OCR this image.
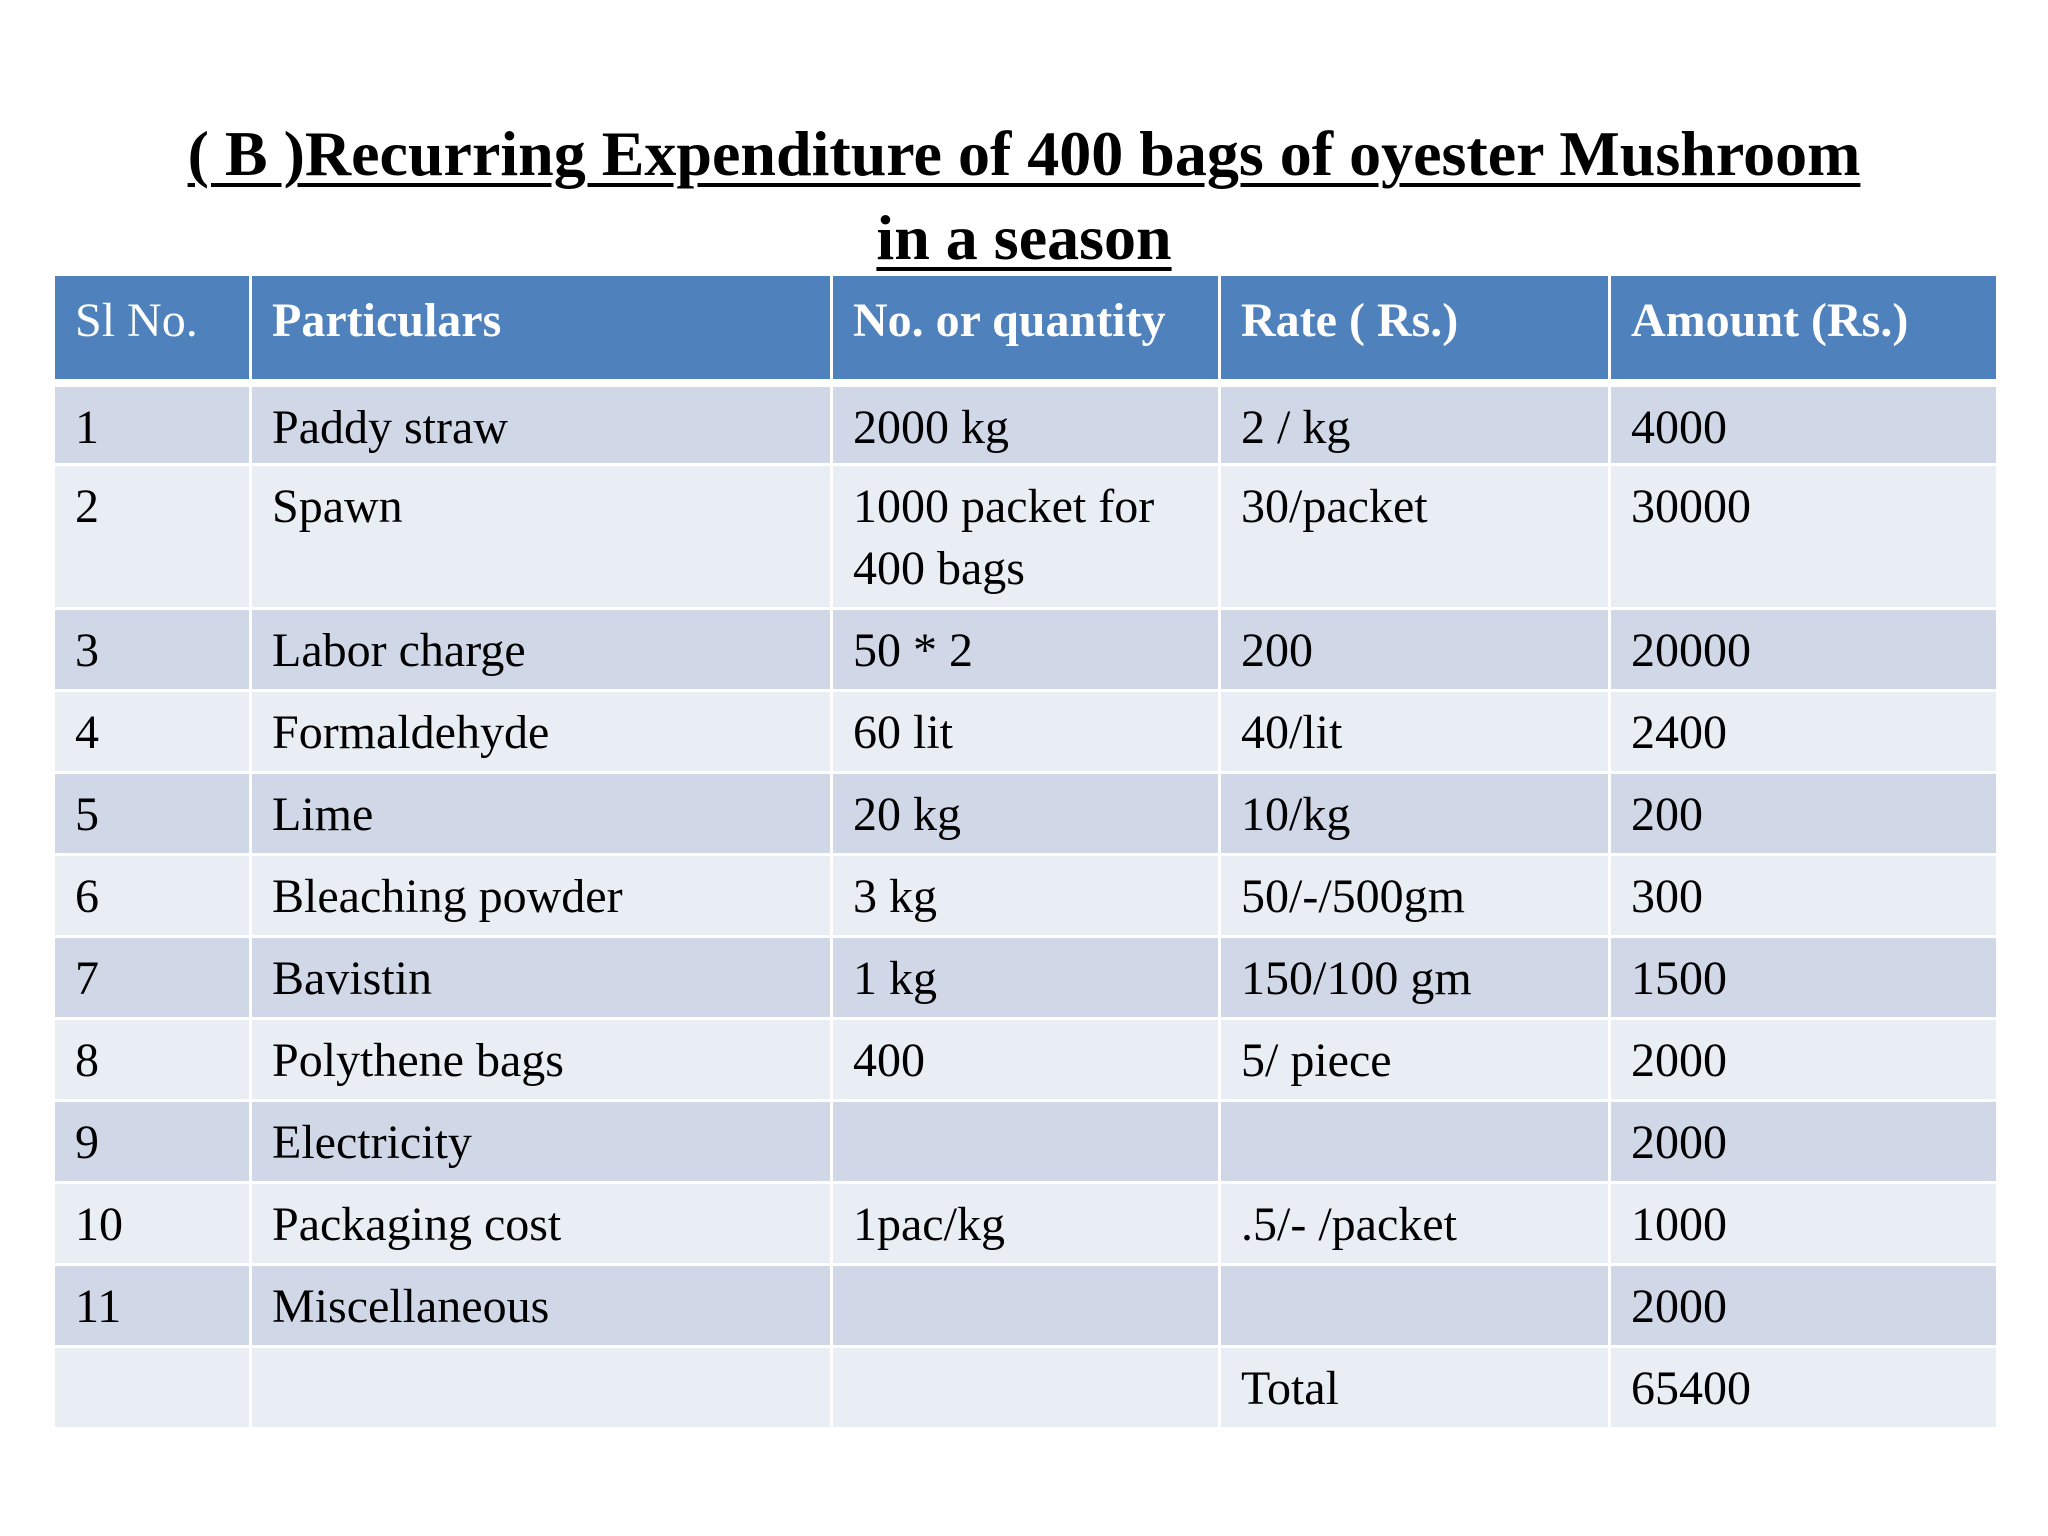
( B )Recurring Expenditure of 400 bags of oyester Mushroom
in a season
Sl No.	Particulars	No. or quantity	Rate ( Rs.)	Amount (Rs.)
1	Paddy straw	2000 kg	2 / kg	4000
2	Spawn	1000 packet for 400 bags	30/packet	30000
3	Labor charge	50 * 2	200	20000
4	Formaldehyde	60 lit	40/lit	2400
5	Lime	20 kg	10/kg	200
6	Bleaching powder	3 kg	50/-/500gm	300
7	Bavistin	1 kg	150/100 gm	1500
8	Polythene bags	400	5/ piece	2000
9	Electricity			2000
10	Packaging cost	1pac/kg	.5/- /packet	1000
11	Miscellaneous			2000
			Total	65400
